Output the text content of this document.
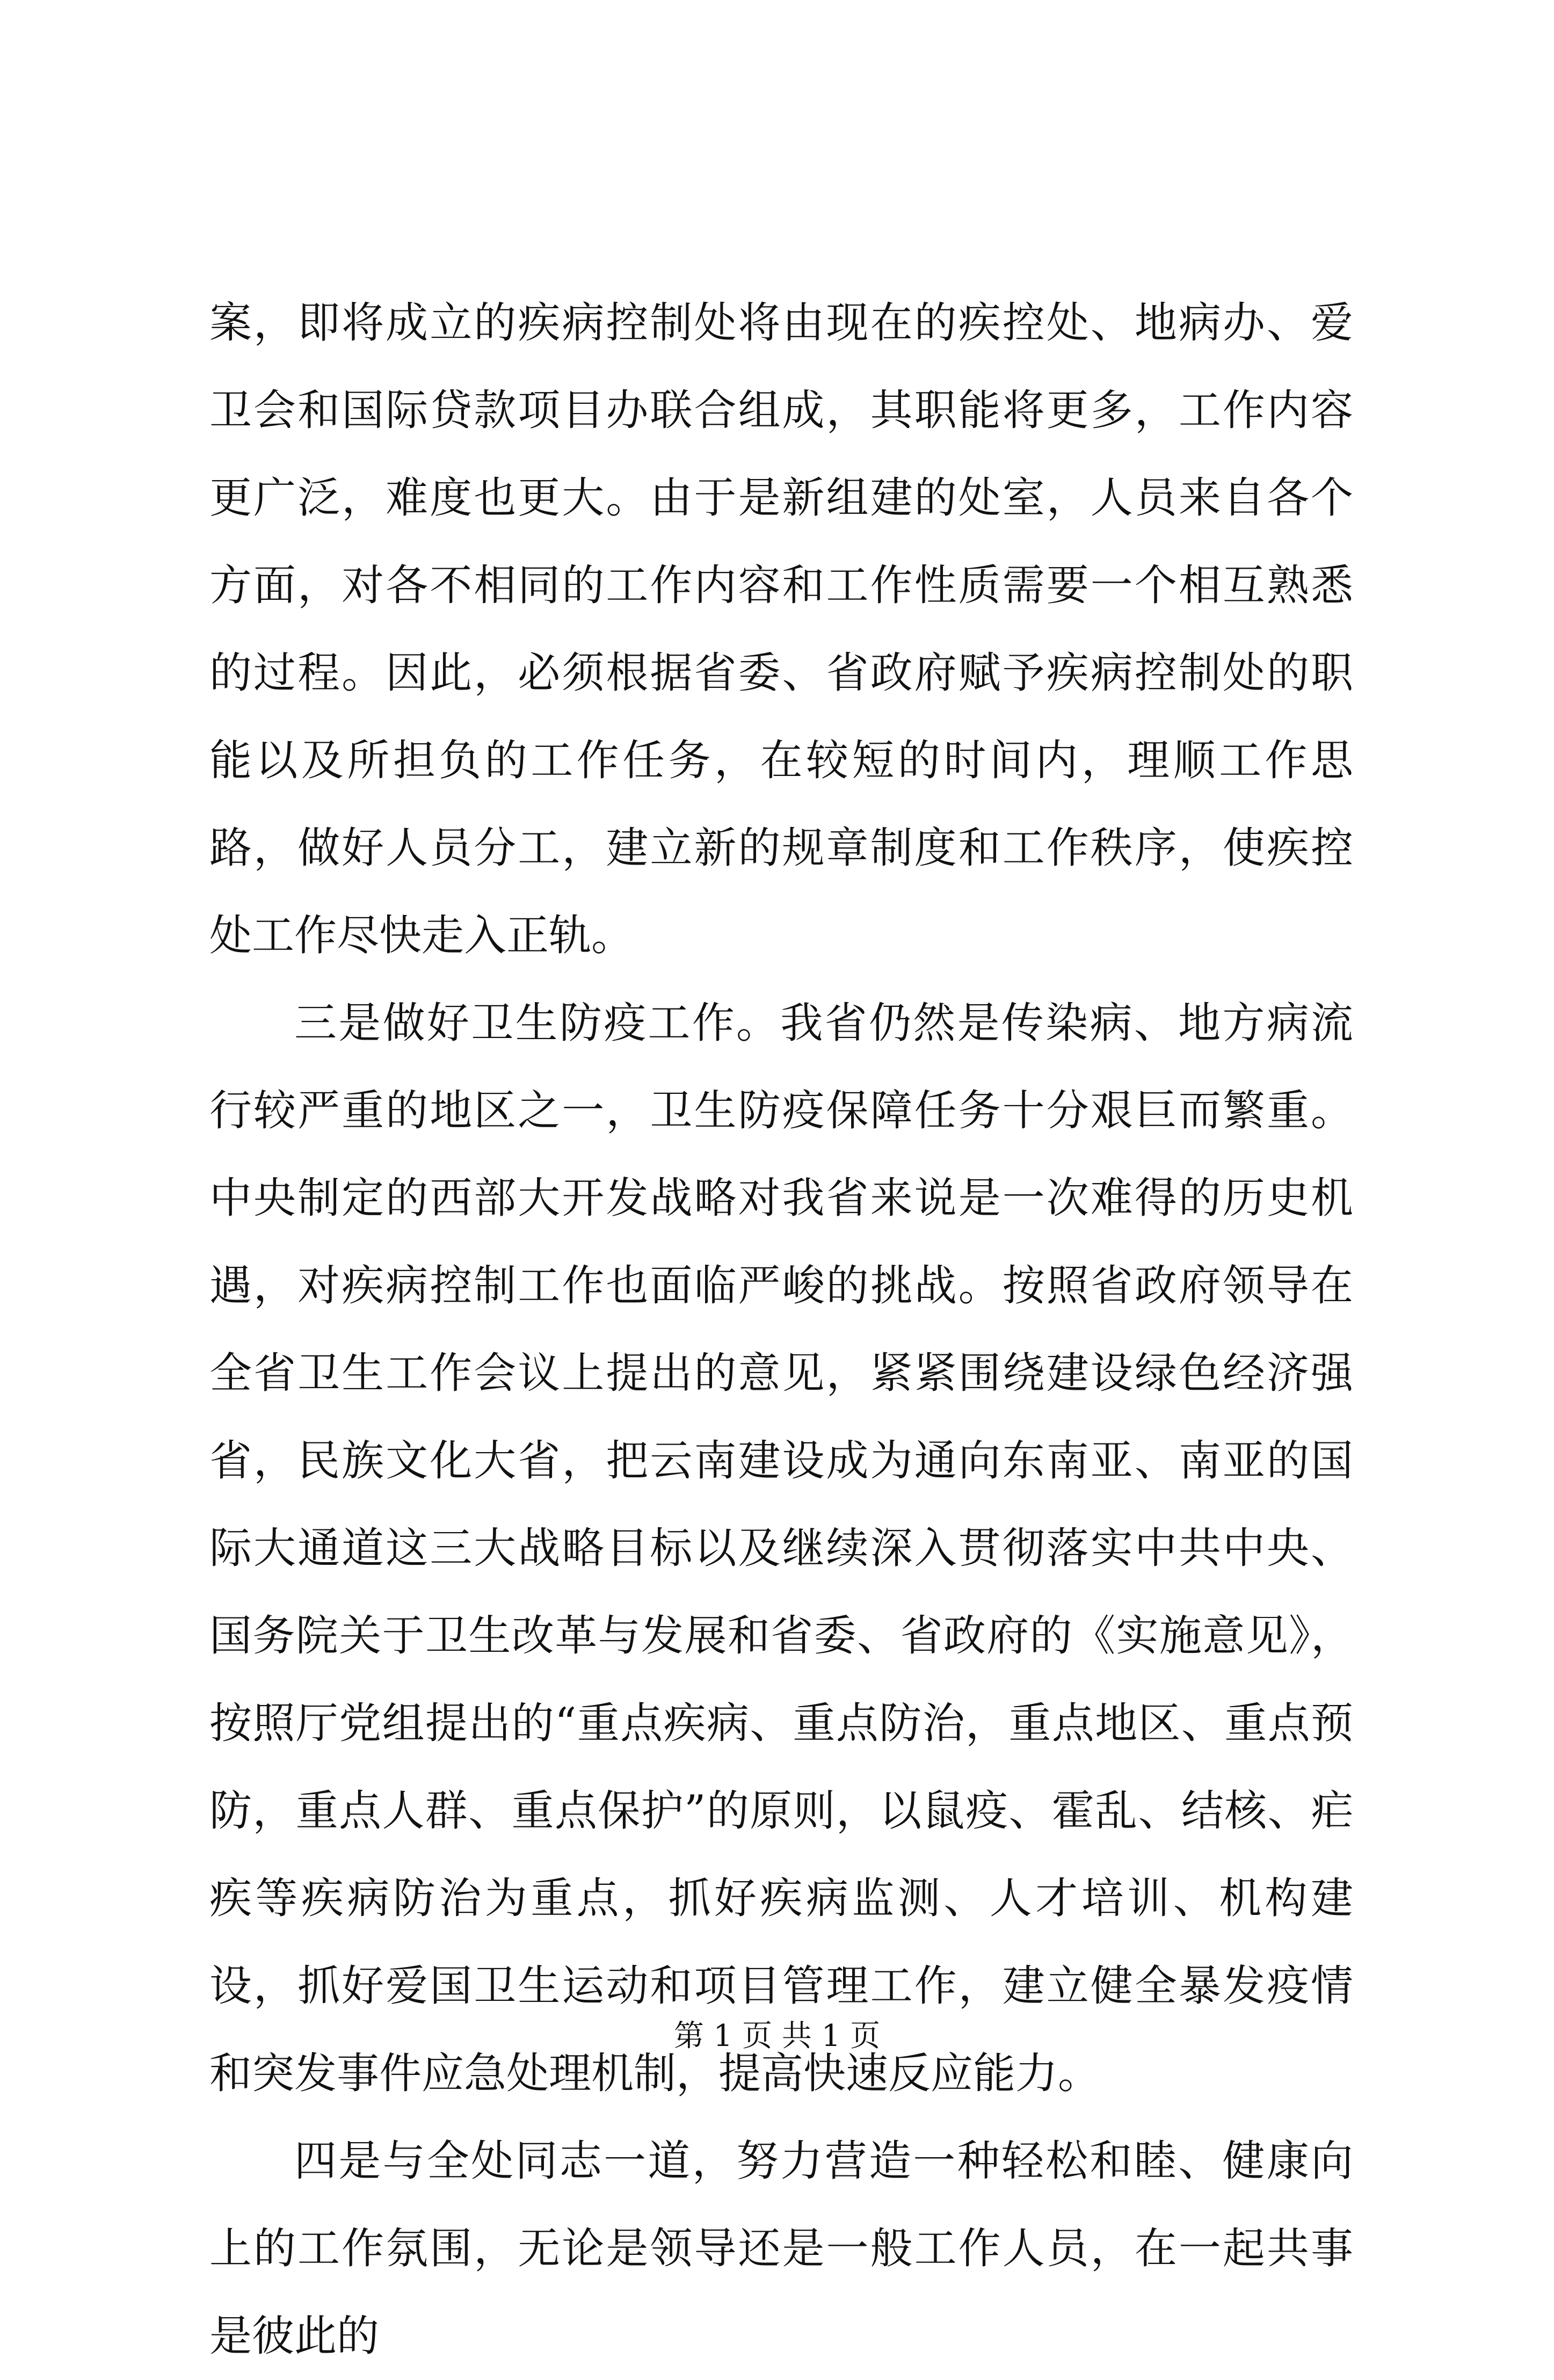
案，即将成立的疾病控制处将由现在的疾控处、地病办、爱卫会和国际贷款项目办联合组成，其职能将更多，工作内容更广泛，难度也更大。由于是新组建的处室，人员来自各个方面，对各不相同的工作内容和工作性质需要一个相互熟悉的过程。因此，必须根据省委、省政府赋予疾病控制处的职能以及所担负的工作任务，在较短的时间内，理顺工作思路，做好人员分工，建立新的规章制度和工作秩序，使疾控处工作尽快走入正轨。

三是做好卫生防疫工作。我省仍然是传染病、地方病流行较严重的地区之一，卫生防疫保障任务十分艰巨而繁重。中央制定的西部大开发战略对我省来说是一次难得的历史机遇，对疾病控制工作也面临严峻的挑战。按照省政府领导在全省卫生工作会议上提出的意见，紧紧围绕建设绿色经济强省，民族文化大省，把云南建设成为通向东南亚、南亚的国际大通道这三大战略目标以及继续深入贯彻落实中共中央、国务院关于卫生改革与发展和省委、省政府的《实施意见》，按照厅党组提出的“重点疾病、重点防治，重点地区、重点预防，重点人群、重点保护”的原则，以鼠疫、霍乱、结核、疟疾等疾病防治为重点，抓好疾病监测、人才培训、机构建设，抓好爱国卫生运动和项目管理工作，建立健全暴发疫情和突发事件应急处理机制，提高快速反应能力。

四是与全处同志一道，努力营造一种轻松和睦、健康向上的工作氛围，无论是领导还是一般工作人员，在一起共事是彼此的

第 1 页 共 1 页
